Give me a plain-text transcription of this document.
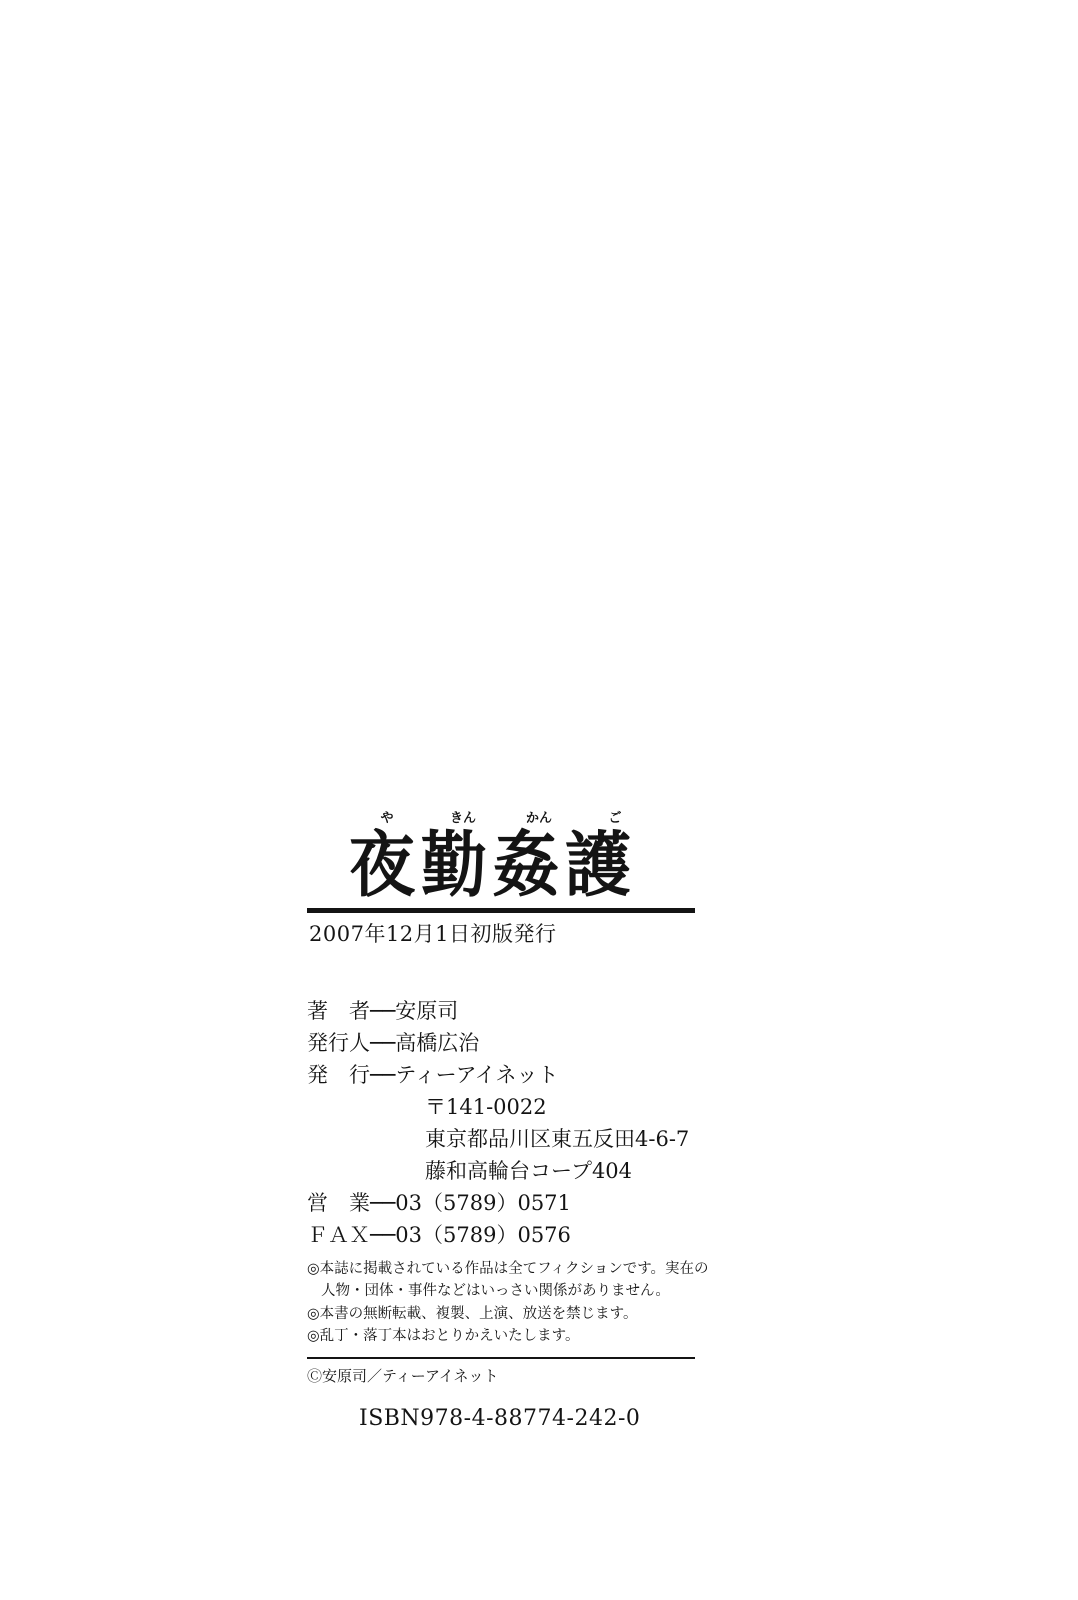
や	きん	かん	ご
夜勤姦護
2007年12月1日初版発行
著　者──安原司
発行人──高橋広治
発　行──ティーアイネット
〒141-0022
東京都品川区東五反田4-6-7
藤和高輪台コープ404
営　業──03（5789）0571
ＦＡＸ──03（5789）0576
◎本誌に掲載されている作品は全てフィクションです。実在の
人物・団体・事件などはいっさい関係がありません。
◎本書の無断転載、複製、上演、放送を禁じます。
◎乱丁・落丁本はおとりかえいたします。
Ⓒ安原司／ティーアイネット
ISBN978-4-88774-242-0
